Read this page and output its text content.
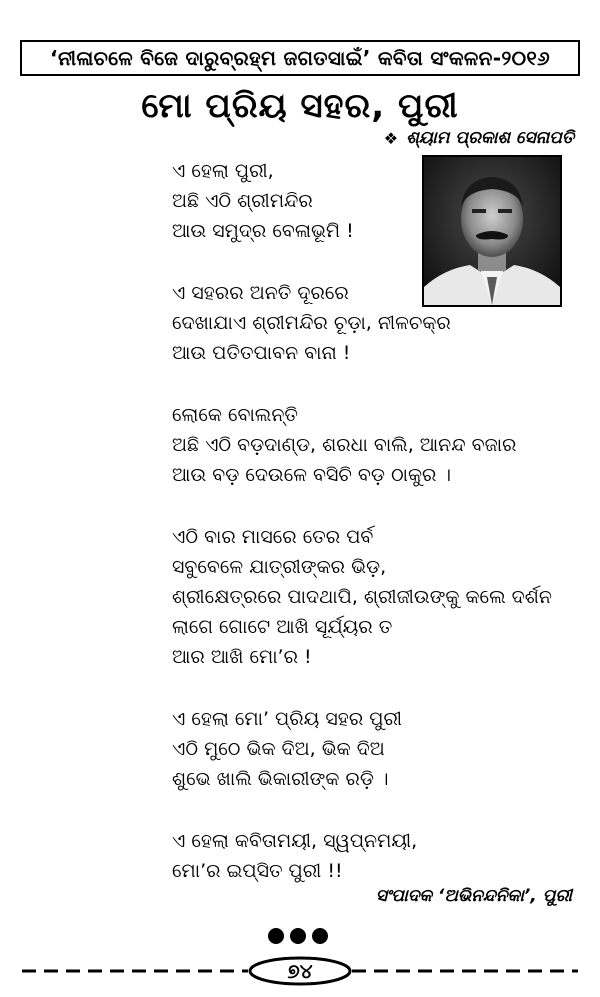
‘ନୀଳାଚଳେ ବିଜେ ଦାରୁବ୍ରହ୍ମ ଜଗତସାଇଁ’ କବିତା ସଂକଳନ-୨୦୧୬
ମୋ ପ୍ରିୟ ସହର, ପୁରୀ
❖ ଶ୍ୟାମ ପ୍ରକାଶ ସେନାପତି
ଏ ହେଲା ପୁରୀ,
ଅଛି ଏଠି ଶ୍ରୀମନ୍ଦିର
ଆଉ ସମୁଦ୍ର ବେଳାଭୂମି !
ଏ ସହରର ଅନତି ଦୂରରେ
ଦେଖାଯାଏ ଶ୍ରୀମନ୍ଦିର ଚୂଡ଼ା, ନୀଳଚକ୍ର
ଆଉ ପତିତପାବନ ବାନା !
ଲୋକେ ବୋଲନ୍ତି
ଅଛି ଏଠି ବଡ଼ଦାଣ୍ଡ, ଶରଧା ବାଲି, ଆନନ୍ଦ ବଜାର
ଆଉ ବଡ଼ ଦେଉଳେ ବସିଚି ବଡ଼ ଠାକୁର ।
ଏଠି ବାର ମାସରେ ତେର ପର୍ବ
ସବୁବେଳେ ଯାତ୍ରୀଙ୍କର ଭିଡ଼,
ଶ୍ରୀକ୍ଷେତ୍ରରେ ପାଦଥାପି, ଶ୍ରୀଜୀଉଙ୍କୁ କଲେ ଦର୍ଶନ
ଲାଗେ ଗୋଟେ ଆଖି ସୂର୍ଯ୍ୟର ତ
ଆର ଆଖି ମୋ’ର !
ଏ ହେଲା ମୋ’ ପ୍ରିୟ ସହର ପୁରୀ
ଏଠି ମୁଠେ ଭିକ ଦିଅ, ଭିକ ଦିଅ
ଶୁଭେ ଖାଲି ଭିକାରୀଙ୍କ ରଡ଼ି ।
ଏ ହେଲା କବିତାମୟୀ, ସ୍ୱପ୍ନମୟୀ,
ମୋ’ର ଇପ୍‌ସିତ ପୁରୀ !!
ସଂପାଦକ ‘ଅଭିନନ୍ଦନିକା’, ପୁରୀ
୭୪
